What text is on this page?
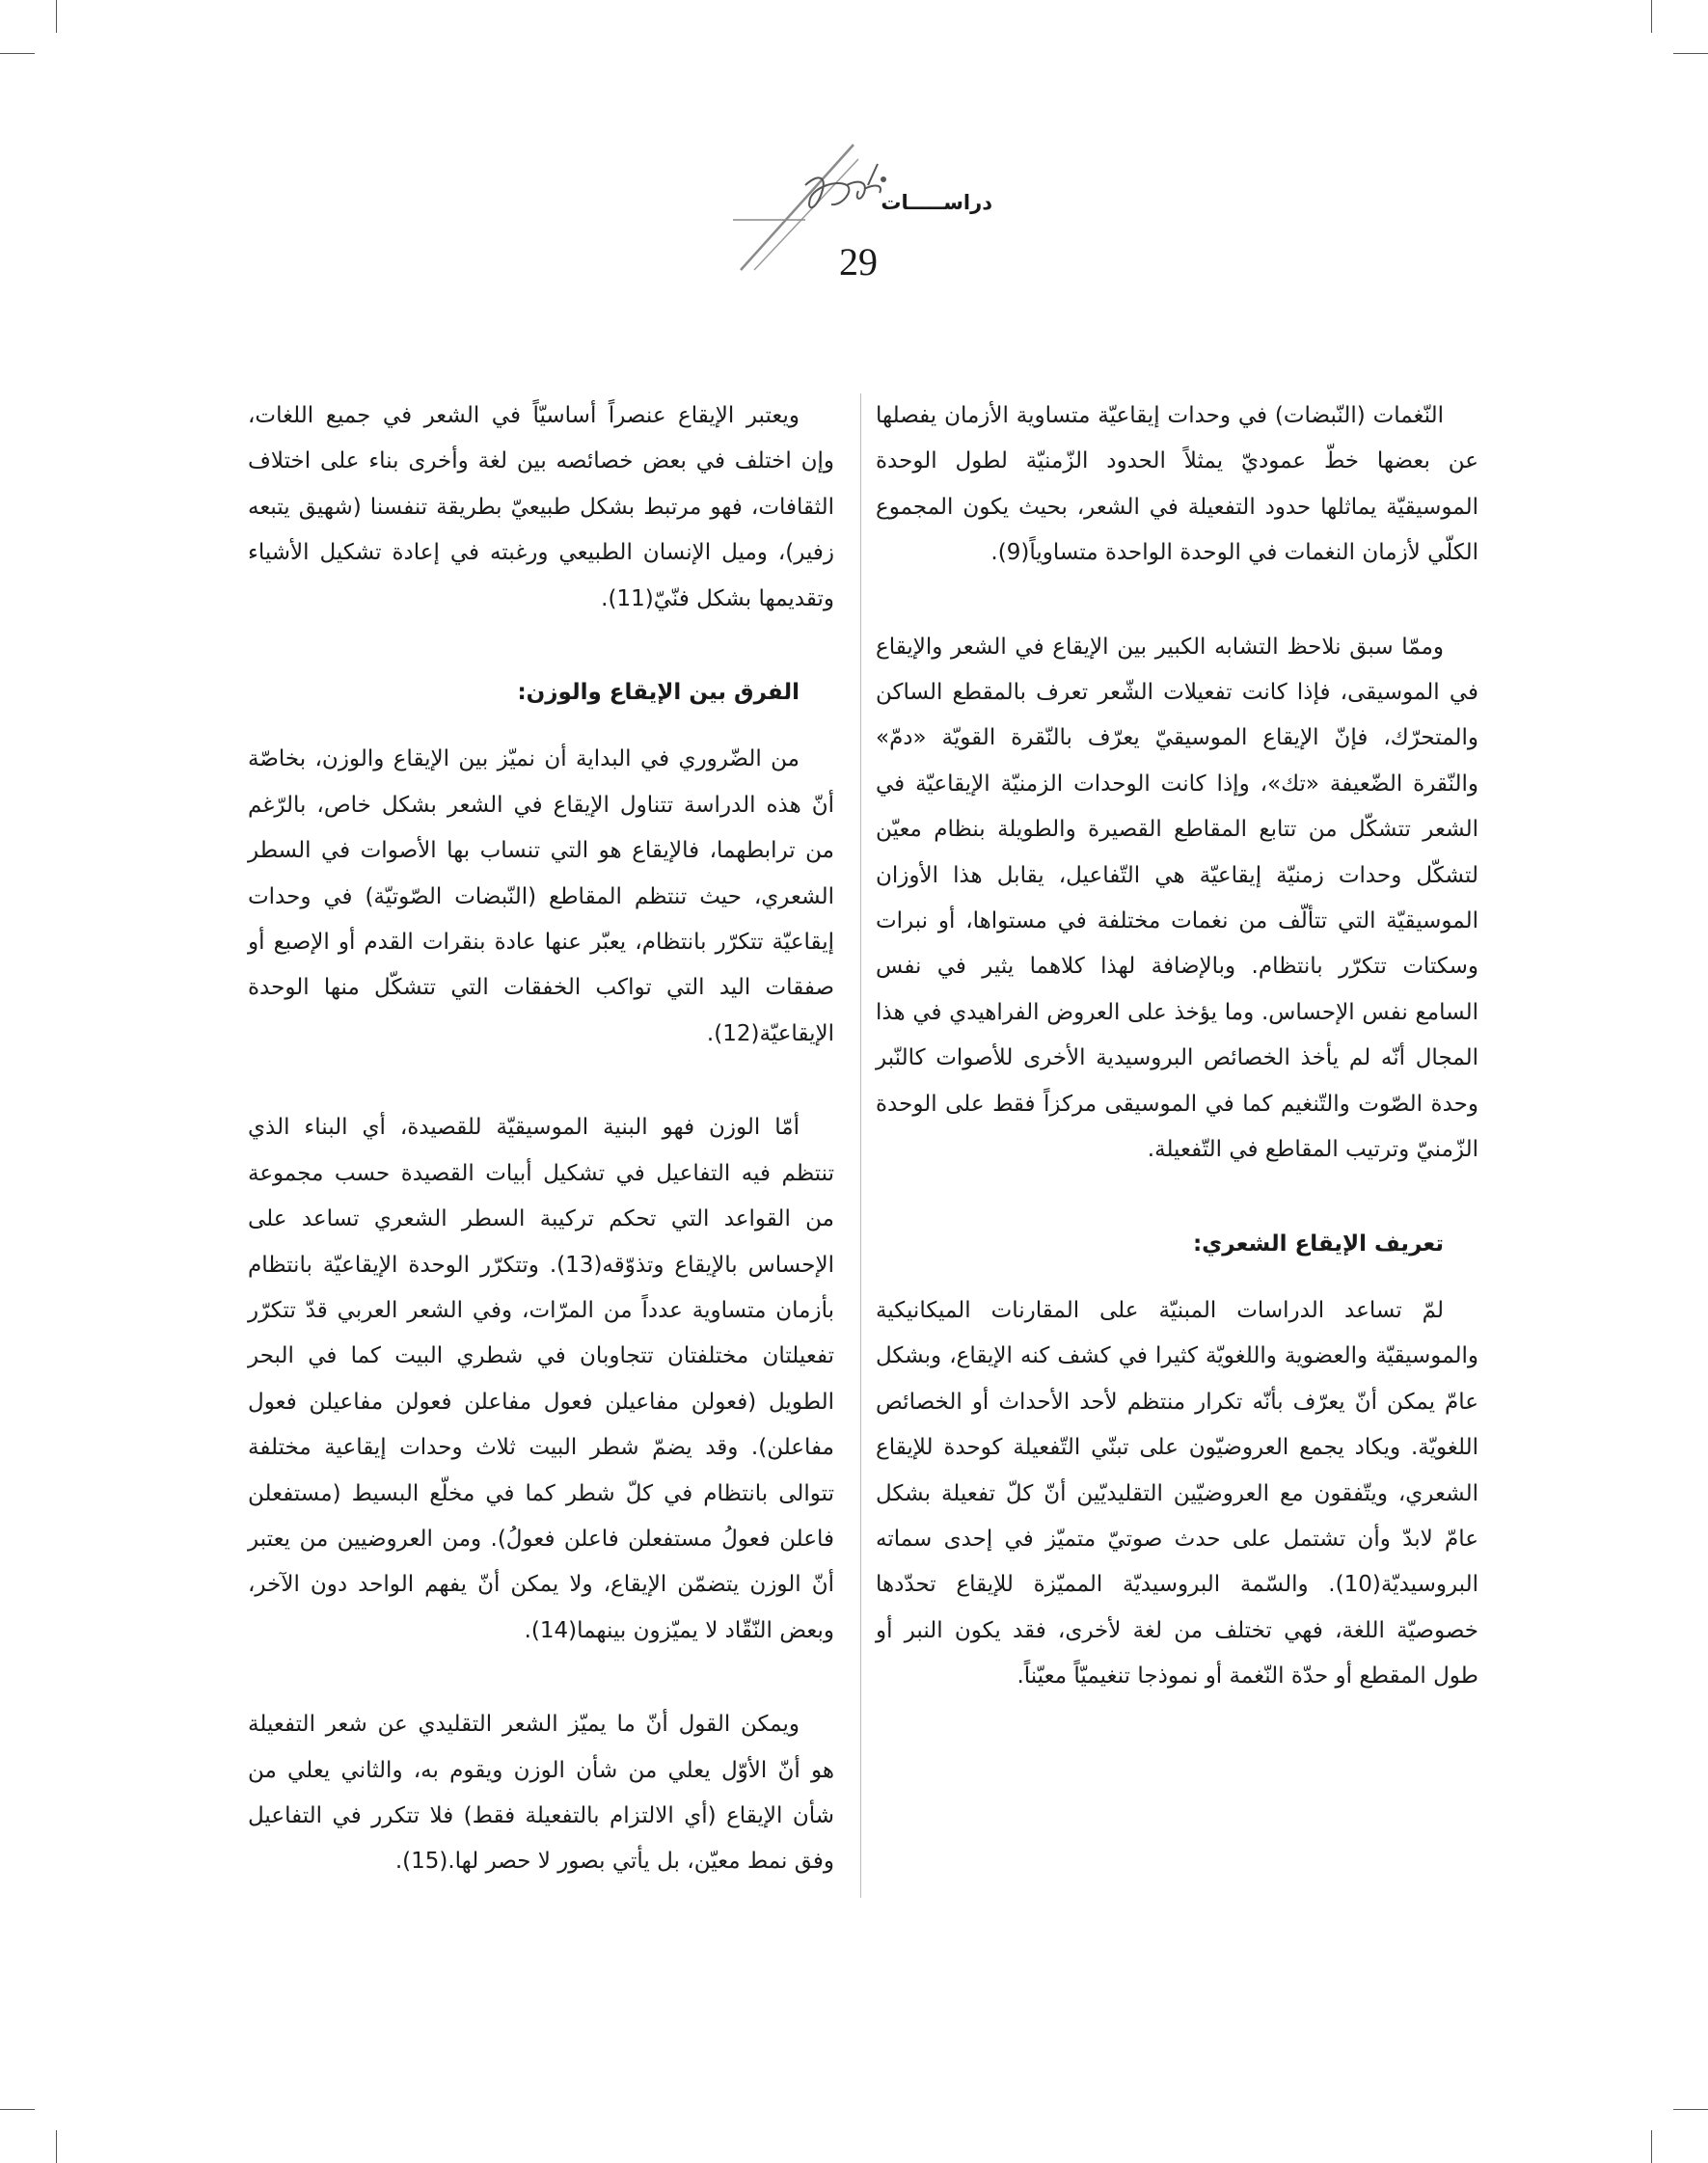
دراســـــات
29

النّغمات (النّبضات) في وحدات إيقاعيّة متساوية الأزمان يفصلها عن بعضها خطّ عموديّ يمثلاً الحدود الزّمنيّة لطول الوحدة الموسيقيّة يماثلها حدود التفعيلة في الشعر، بحيث يكون المجموع الكلّي لأزمان النغمات في الوحدة الواحدة متساوياً(9).

وممّا سبق نلاحظ التشابه الكبير بين الإيقاع في الشعر والإيقاع في الموسيقى، فإذا كانت تفعيلات الشّعر تعرف بالمقطع الساكن والمتحرّك، فإنّ الإيقاع الموسيقيّ يعرّف بالنّقرة القويّة «دمّ» والنّقرة الضّعيفة «تك»، وإذا كانت الوحدات الزمنيّة الإيقاعيّة في الشعر تتشكّل من تتابع المقاطع القصيرة والطويلة بنظام معيّن لتشكّل وحدات زمنيّة إيقاعيّة هي التّفاعيل، يقابل هذا الأوزان الموسيقيّة التي تتألّف من نغمات مختلفة في مستواها، أو نبرات وسكتات تتكرّر بانتظام. وبالإضافة لهذا كلاهما يثير في نفس السامع نفس الإحساس. وما يؤخذ على العروض الفراهيدي في هذا المجال أنّه لم يأخذ الخصائص البروسيدية الأخرى للأصوات كالنّبر وحدة الصّوت والتّنغيم كما في الموسيقى مركزاً فقط على الوحدة الزّمنيّ وترتيب المقاطع في التّفعيلة.

تعريف الإيقاع الشعري:

لمّ تساعد الدراسات المبنيّة على المقارنات الميكانيكية والموسيقيّة والعضوية واللغويّة كثيرا في كشف كنه الإيقاع، وبشكل عامّ يمكن أنّ يعرّف بأنّه تكرار منتظم لأحد الأحداث أو الخصائص اللغويّة. ويكاد يجمع العروضيّون على تبنّي التّفعيلة كوحدة للإيقاع الشعري، ويتّفقون مع العروضيّين التقليديّين أنّ كلّ تفعيلة بشكل عامّ لابدّ وأن تشتمل على حدث صوتيّ متميّز في إحدى سماته البروسيديّة(10). والسّمة البروسيديّة المميّزة للإيقاع تحدّدها خصوصيّة اللغة، فهي تختلف من لغة لأخرى، فقد يكون النبر أو طول المقطع أو حدّة النّغمة أو نموذجا تنغيميّاً معيّناً.

ويعتبر الإيقاع عنصراً أساسيّاً في الشعر في جميع اللغات، وإن اختلف في بعض خصائصه بين لغة وأخرى بناء على اختلاف الثقافات، فهو مرتبط بشكل طبيعيّ بطريقة تنفسنا (شهيق يتبعه زفير)، وميل الإنسان الطبيعي ورغبته في إعادة تشكيل الأشياء وتقديمها بشكل فنّيّ(11).

الفرق بين الإيقاع والوزن:

من الضّروري في البداية أن نميّز بين الإيقاع والوزن، بخاصّة أنّ هذه الدراسة تتناول الإيقاع في الشعر بشكل خاص، بالرّغم من ترابطهما، فالإيقاع هو التي تنساب بها الأصوات في السطر الشعري، حيث تنتظم المقاطع (النّبضات الصّوتيّة) في وحدات إيقاعيّة تتكرّر بانتظام، يعبّر عنها عادة بنقرات القدم أو الإصبع أو صفقات اليد التي تواكب الخفقات التي تتشكّل منها الوحدة الإيقاعيّة(12).

أمّا الوزن فهو البنية الموسيقيّة للقصيدة، أي البناء الذي تنتظم فيه التفاعيل في تشكيل أبيات القصيدة حسب مجموعة من القواعد التي تحكم تركيبة السطر الشعري تساعد على الإحساس بالإيقاع وتذوّقه(13). وتتكرّر الوحدة الإيقاعيّة بانتظام بأزمان متساوية عدداً من المرّات، وفي الشعر العربي قدّ تتكرّر تفعيلتان مختلفتان تتجاوبان في شطري البيت كما في البحر الطويل (فعولن مفاعيلن فعول مفاعلن فعولن مفاعيلن فعول مفاعلن). وقد يضمّ شطر البيت ثلاث وحدات إيقاعية مختلفة تتوالى بانتظام في كلّ شطر كما في مخلّع البسيط (مستفعلن فاعلن فعولُ مستفعلن فاعلن فعولُ). ومن العروضيين من يعتبر أنّ الوزن يتضمّن الإيقاع، ولا يمكن أنّ يفهم الواحد دون الآخر، وبعض النّقّاد لا يميّزون بينهما(14).

ويمكن القول أنّ ما يميّز الشعر التقليدي عن شعر التفعيلة هو أنّ الأوّل يعلي من شأن الوزن ويقوم به، والثاني يعلي من شأن الإيقاع (أي الالتزام بالتفعيلة فقط) فلا تتكرر في التفاعيل وفق نمط معيّن، بل يأتي بصور لا حصر لها.(15).
